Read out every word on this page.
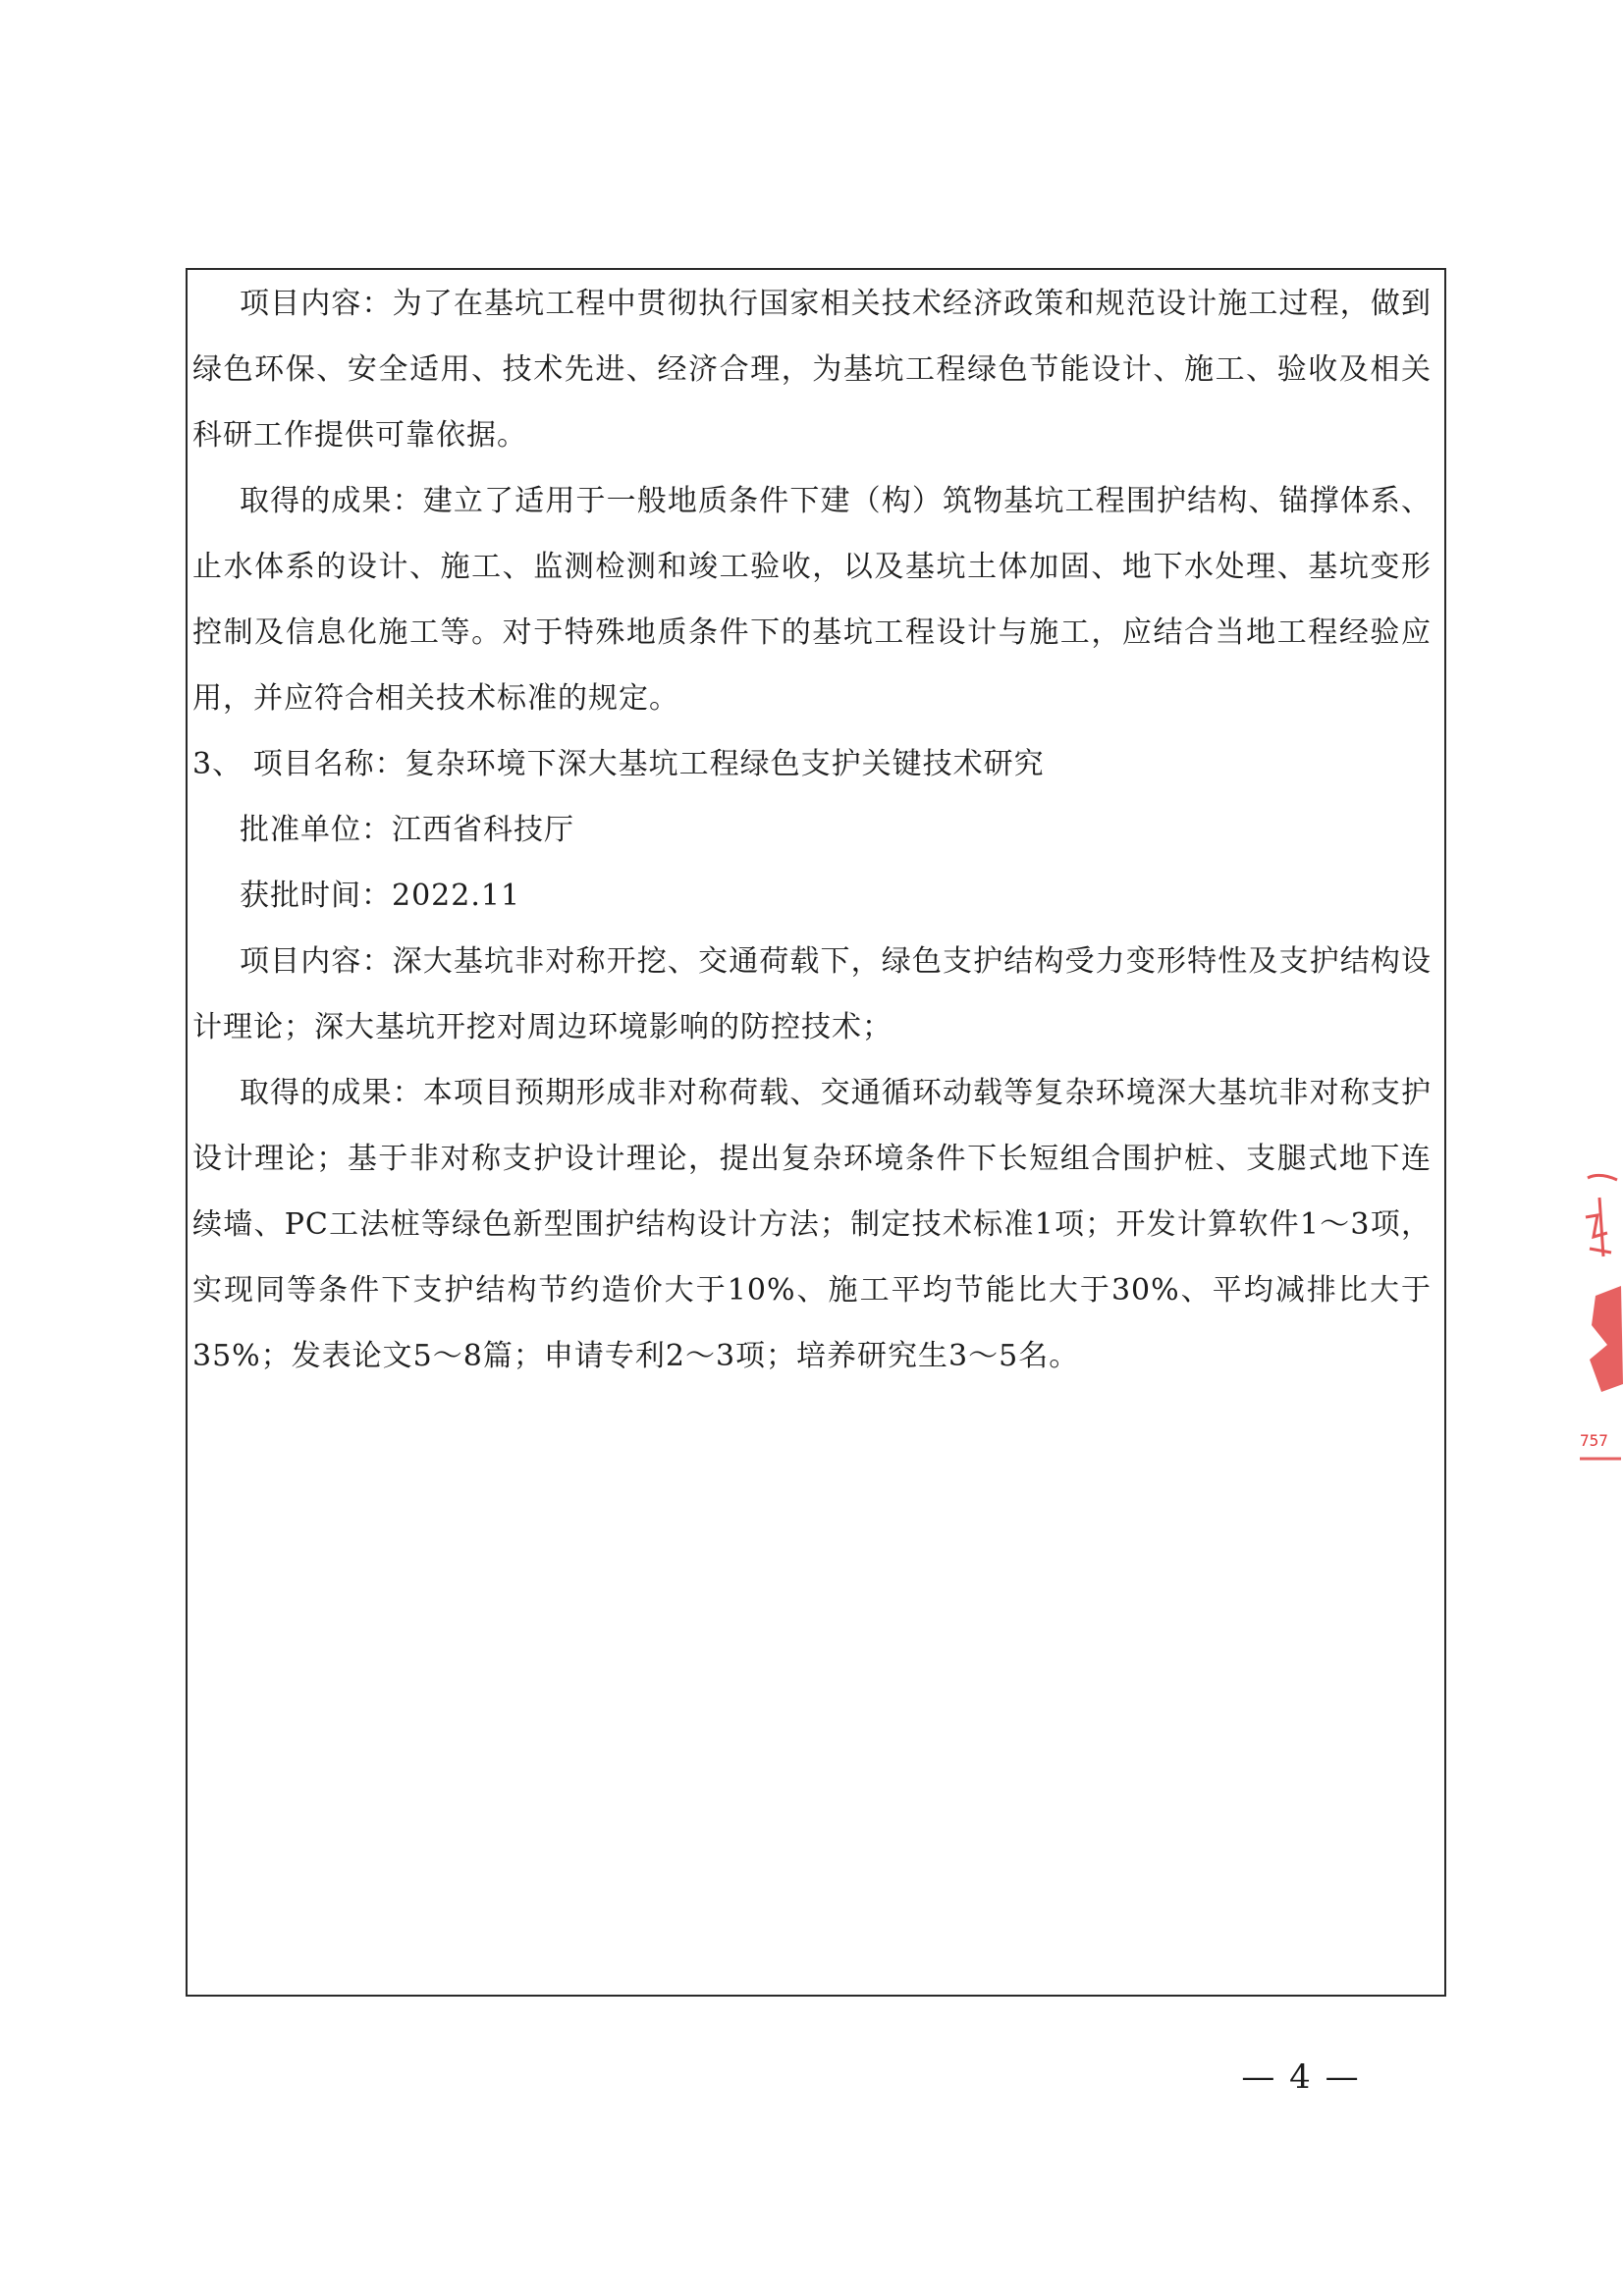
项目内容：为了在基坑工程中贯彻执行国家相关技术经济政策和规范设计施工过程，做到绿色环保、安全适用、技术先进、经济合理，为基坑工程绿色节能设计、施工、验收及相关科研工作提供可靠依据。

取得的成果：建立了适用于一般地质条件下建（构）筑物基坑工程围护结构、锚撑体系、止水体系的设计、施工、监测检测和竣工验收，以及基坑土体加固、地下水处理、基坑变形控制及信息化施工等。对于特殊地质条件下的基坑工程设计与施工，应结合当地工程经验应用，并应符合相关技术标准的规定。

3、 项目名称：复杂环境下深大基坑工程绿色支护关键技术研究

批准单位：江西省科技厅

获批时间：2022.11

项目内容：深大基坑非对称开挖、交通荷载下，绿色支护结构受力变形特性及支护结构设计理论；深大基坑开挖对周边环境影响的防控技术；

取得的成果：本项目预期形成非对称荷载、交通循环动载等复杂环境深大基坑非对称支护设计理论；基于非对称支护设计理论，提出复杂环境条件下长短组合围护桩、支腿式地下连续墙、PC工法桩等绿色新型围护结构设计方法；制定技术标准1项；开发计算软件1～3项，实现同等条件下支护结构节约造价大于10%、施工平均节能比大于30%、平均减排比大于35%；发表论文5～8篇；申请专利2～3项；培养研究生3～5名。

757
— 4 —
